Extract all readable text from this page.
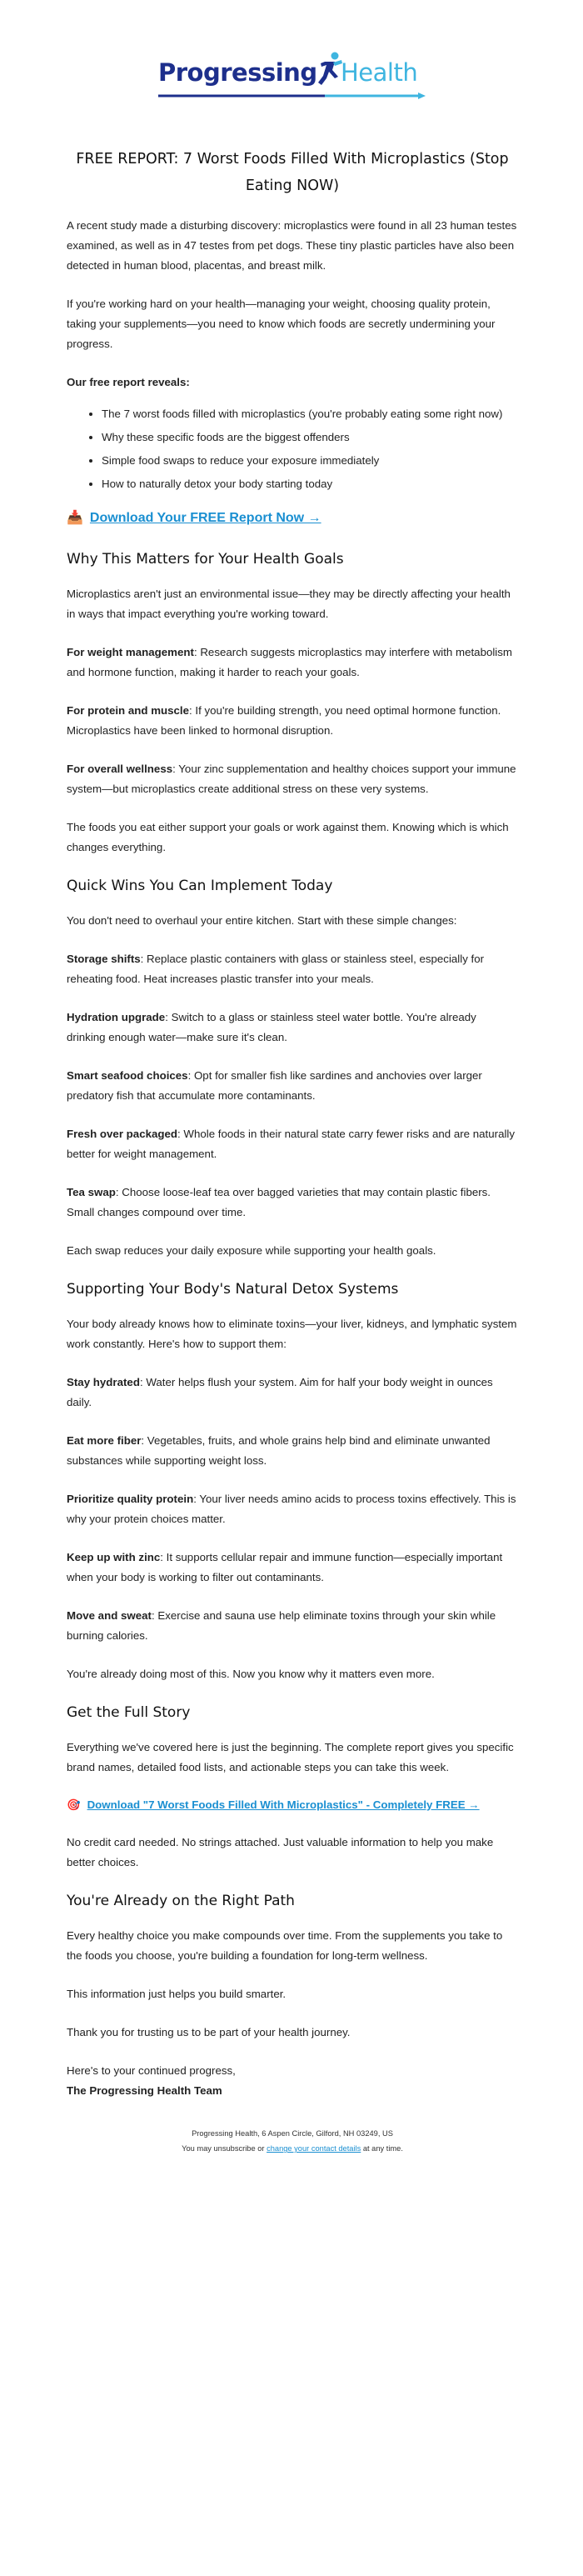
Progressing Health
FREE REPORT: 7 Worst Foods Filled With Microplastics (Stop Eating NOW)

A recent study made a disturbing discovery: microplastics were found in all 23 human testes examined, as well as in 47 testes from pet dogs. These tiny plastic particles have also been detected in human blood, placentas, and breast milk.

If you're working hard on your health—managing your weight, choosing quality protein, taking your supplements—you need to know which foods are secretly undermining your progress.

Our free report reveals:

• The 7 worst foods filled with microplastics (you're probably eating some right now)
• Why these specific foods are the biggest offenders
• Simple food swaps to reduce your exposure immediately
• How to naturally detox your body starting today
📥 Download Your FREE Report Now →
Why This Matters for Your Health Goals

Microplastics aren't just an environmental issue—they may be directly affecting your health in ways that impact everything you're working toward.

For weight management: Research suggests microplastics may interfere with metabolism and hormone function, making it harder to reach your goals.

For protein and muscle: If you're building strength, you need optimal hormone function. Microplastics have been linked to hormonal disruption.

For overall wellness: Your zinc supplementation and healthy choices support your immune system—but microplastics create additional stress on these very systems.

The foods you eat either support your goals or work against them. Knowing which is which changes everything.

Quick Wins You Can Implement Today

You don't need to overhaul your entire kitchen. Start with these simple changes:

Storage shifts: Replace plastic containers with glass or stainless steel, especially for reheating food. Heat increases plastic transfer into your meals.

Hydration upgrade: Switch to a glass or stainless steel water bottle. You're already drinking enough water—make sure it's clean.

Smart seafood choices: Opt for smaller fish like sardines and anchovies over larger predatory fish that accumulate more contaminants.

Fresh over packaged: Whole foods in their natural state carry fewer risks and are naturally better for weight management.

Tea swap: Choose loose-leaf tea over bagged varieties that may contain plastic fibers. Small changes compound over time.

Each swap reduces your daily exposure while supporting your health goals.

Supporting Your Body's Natural Detox Systems

Your body already knows how to eliminate toxins—your liver, kidneys, and lymphatic system work constantly. Here's how to support them:

Stay hydrated: Water helps flush your system. Aim for half your body weight in ounces daily.

Eat more fiber: Vegetables, fruits, and whole grains help bind and eliminate unwanted substances while supporting weight loss.

Prioritize quality protein: Your liver needs amino acids to process toxins effectively. This is why your protein choices matter.

Keep up with zinc: It supports cellular repair and immune function—especially important when your body is working to filter out contaminants.

Move and sweat: Exercise and sauna use help eliminate toxins through your skin while burning calories.

You're already doing most of this. Now you know why it matters even more.

Get the Full Story

Everything we've covered here is just the beginning. The complete report gives you specific brand names, detailed food lists, and actionable steps you can take this week.

🎯 Download "7 Worst Foods Filled With Microplastics" - Completely FREE →

No credit card needed. No strings attached. Just valuable information to help you make better choices.

You're Already on the Right Path

Every healthy choice you make compounds over time. From the supplements you take to the foods you choose, you're building a foundation for long-term wellness.

This information just helps you build smarter.

Thank you for trusting us to be part of your health journey.

Here's to your continued progress,

The Progressing Health Team

Progressing Health, 6 Aspen Circle, Gilford, NH 03249, US
You may unsubscribe or change your contact details at any time.
